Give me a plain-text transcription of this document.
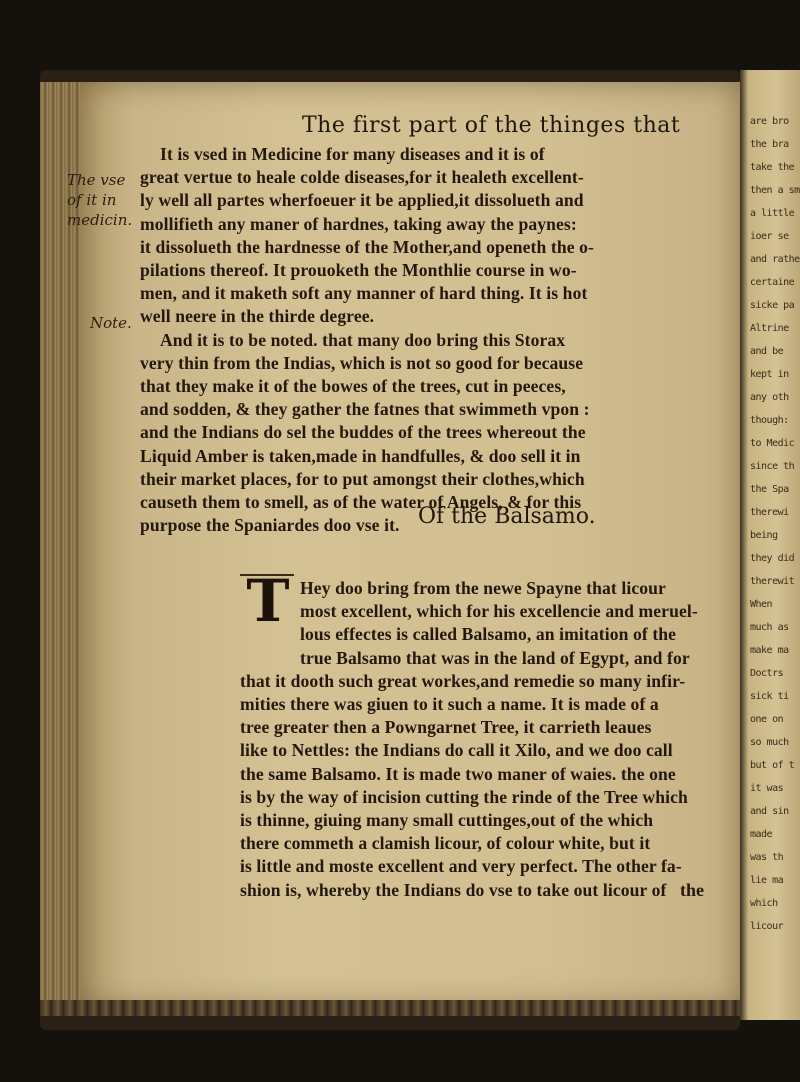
are bro
the bra
take the
then a sm
a little
ioer se
and rathe
certaine
sicke pa
Altrine
and be
kept in
any oth
though:
to Medic
since th
the Spa
therewi
being
they did
therewit
When
much as
make ma
Doctrs
sick ti
one on
so much
but of t
it was
and sin
made
was th
lie ma
which
licour
The first part of the thinges that
The vse of it in medicin.
Note.
It is vsed in Medicine for many diseases and it is of
great vertue to heale colde diseases,for it healeth excellent-
ly well all partes wherfoeuer it be applied,it dissolueth and
mollifieth any maner of hardnes, taking away the paynes:
it dissolueth the hardnesse of the Mother,and openeth the o-
pilations thereof. It prouoketh the Monthlie course in wo-
men, and it maketh soft any manner of hard thing. It is hot
well neere in the thirde degree.
And it is to be noted. that many doo bring this Storax
very thin from the Indias, which is not so good for because
that they make it of the bowes of the trees, cut in peeces,
and sodden, & they gather the fatnes that swimmeth vpon :
and the Indians do sel the buddes of the trees whereout the
Liquid Amber is taken,made in handfulles, & doo sell it in
their market places, for to put amongst their clothes,which
causeth them to smell, as of the water of Angels, & for this
purpose the Spaniardes doo vse it. Of the Balsamo.
T Hey doo bring from the newe Spayne that licour
most excellent, which for his excellencie and meruel-
lous effectes is called Balsamo, an imitation of the
true Balsamo that was in the land of Egypt, and for
that it dooth such great workes,and remedie so many infir-
mities there was giuen to it such a name. It is made of a
tree greater then a Powngarnet Tree, it carrieth leaues
like to Nettles: the Indians do call it Xilo, and we doo call
the same Balsamo. It is made two maner of waies. the one
is by the way of incision cutting the rinde of the Tree which
is thinne, giuing many small cuttinges,out of the which
there commeth a clamish licour, of colour white, but it
is little and moste excellent and very perfect. The other fa-
shion is, whereby the Indians do vse to take out licour of the
